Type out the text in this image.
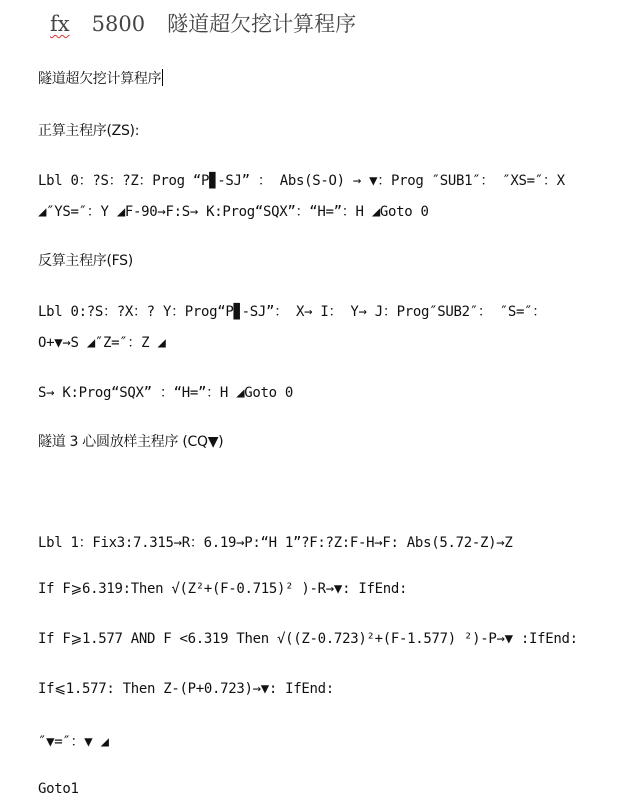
fx 5800 隧道超欠挖计算程序
隧道超欠挖计算程序
正算主程序(ZS):
Lbl 0：?S：?Z：Prog “P▊-SJ” ： Abs(S-O) → ▼：Prog ″SUB1″： ″XS=″：X
◢″YS=″：Y ◢F-90→F:S→ K:Prog“SQX”：“H=”：H ◢Goto 0
反算主程序(FS)
Lbl 0:?S：?X：? Y：Prog“P▊-SJ”： X→ I： Y→ J：Prog″SUB2″： ″S=″：
O+▼→S ◢″Z=″：Z ◢
S→ K:Prog“SQX” ：“H=”：H ◢Goto 0
隧道 3 心圆放样主程序 (CQ▼)
Lbl 1：Fix3:7.315→R：6.19→P:“H 1”?F:?Z:F-H→F: Abs(5.72-Z)→Z
If F⩾6.319:Then √(Z²+(F-0.715)² )-R→▼: IfEnd:
If F⩾1.577 AND F <6.319 Then √((Z-0.723)²+(F-1.577) ²)-P→▼ :IfEnd:
If⩽1.577: Then Z-(P+0.723)→▼: IfEnd:
″▼=″：▼ ◢
Goto1
